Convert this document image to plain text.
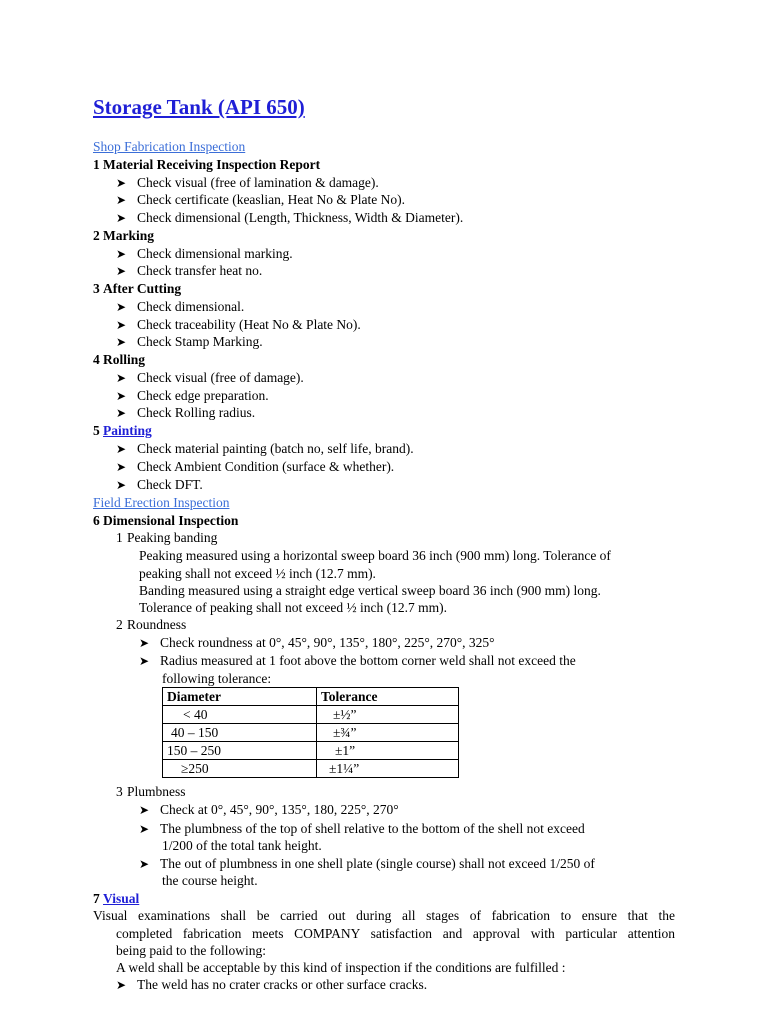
Storage Tank (API 650)
Shop Fabrication Inspection
1 Material Receiving Inspection Report
➤ Check visual (free of lamination & damage).
➤ Check certificate (keaslian, Heat No & Plate No).
➤ Check dimensional (Length, Thickness, Width & Diameter).
2 Marking
➤ Check dimensional marking.
➤ Check transfer heat no.
3 After Cutting
➤ Check dimensional.
➤ Check traceability (Heat No & Plate No).
➤ Check Stamp Marking.
4 Rolling
➤ Check visual (free of damage).
➤ Check edge preparation.
➤ Check Rolling radius.
5 Painting
➤ Check material painting (batch no, self life, brand).
➤ Check Ambient Condition (surface & whether).
➤ Check DFT.
Field Erection Inspection
6 Dimensional Inspection
1 Peaking banding
Peaking measured using a horizontal sweep board 36 inch (900 mm) long. Tolerance of
peaking shall not exceed ½ inch (12.7 mm).
Banding measured using a straight edge vertical sweep board 36 inch (900 mm) long.
Tolerance of peaking shall not exceed ½ inch (12.7 mm).
2 Roundness
➤ Check roundness at 0°, 45°, 90°, 135°, 180°, 225°, 270°, 325°
➤ Radius measured at 1 foot above the bottom corner weld shall not exceed the
following tolerance:
Diameter	Tolerance
< 40	±½”
40 – 150	±¾”
150 – 250	±1”
≥250	±1¼”
3 Plumbness
➤ Check at 0°, 45°, 90°, 135°, 180, 225°, 270°
➤ The plumbness of the top of shell relative to the bottom of the shell not exceed
1/200 of the total tank height.
➤ The out of plumbness in one shell plate (single course) shall not exceed 1/250 of
the course height.
7 Visual
Visual examinations shall be carried out during all stages of fabrication to ensure that the
completed fabrication meets COMPANY satisfaction and approval with particular attention
being paid to the following:
A weld shall be acceptable by this kind of inspection if the conditions are fulfilled :
➤ The weld has no crater cracks or other surface cracks.
